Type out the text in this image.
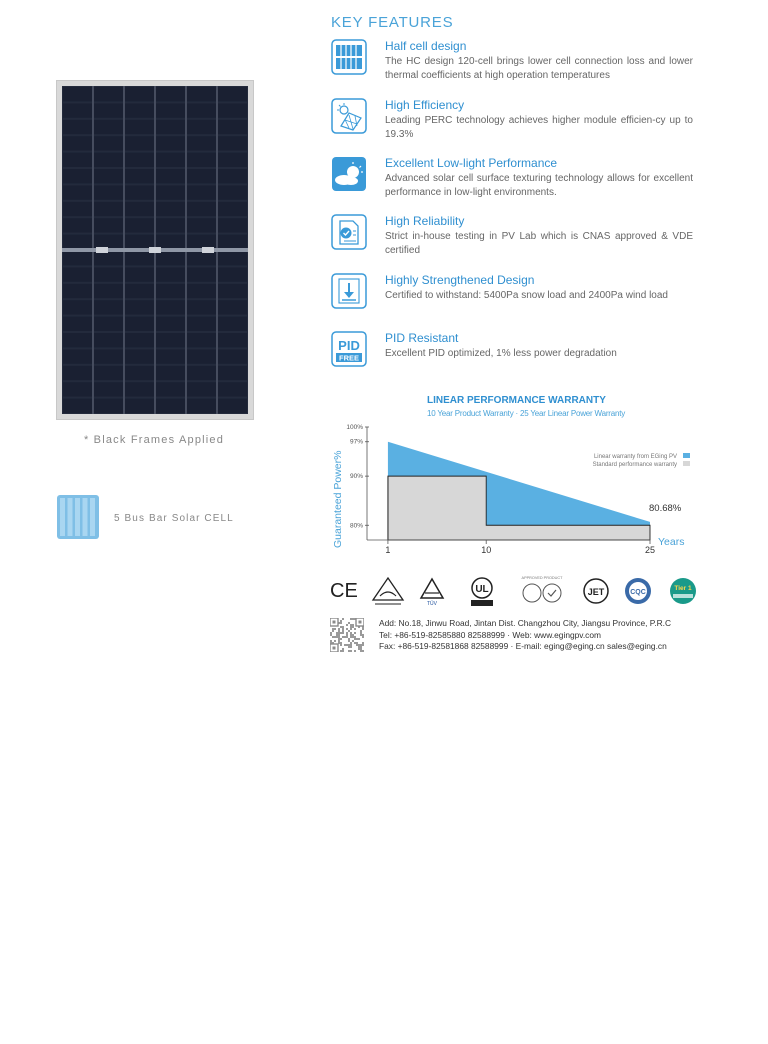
* Black Frames Applied
5 Bus Bar Solar CELL
KEY FEATURES
Half cell design
The HC design 120-cell brings lower cell connection loss and lower thermal coefficients at high operation temperatures
High Efficiency
Leading PERC technology achieves higher module efficien-cy up to 19.3%
Excellent Low-light Performance
Advanced solar cell surface texturing technology allows for excellent performance in low-light environments.
High Reliability
Strict in-house testing in PV Lab which is CNAS approved & VDE certified
Highly Strengthened Design
Certified to withstand: 5400Pa snow load and 2400Pa wind load
PID
FREE
PID Resistant
Excellent PID optimized, 1% less power degradation
LINEAR PERFORMANCE WARRANTY
10 Year Product Warranty · 25 Year Linear Power Warranty
100%
97%
90%
80%
1	10	25
Guaranteed Power%	Years
80.68%
Linear warranty from EGing PV
Standard performance warranty
CE
TÜV
UL
APPROVED PRODUCT
JET	CQC
Tier 1
Add: No.18, Jinwu Road, Jintan Dist. Changzhou City, Jiangsu Province, P.R.C
Tel: +86-519-82585880 82588999 · Web: www.egingpv.com
Fax: +86-519-82581868 82588999 · E-mail: eging@eging.cn sales@eging.cn
